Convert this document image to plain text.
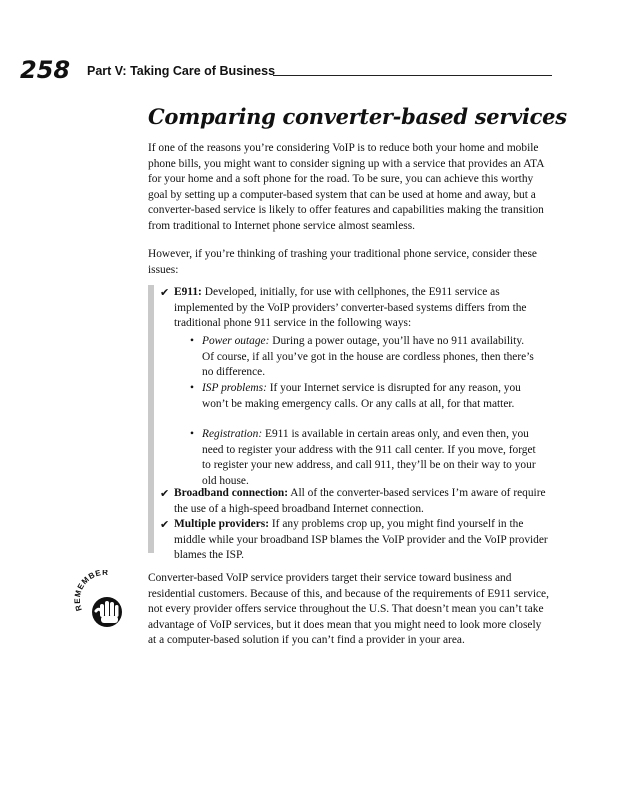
258 Part V: Taking Care of Business
Comparing converter-based services

If one of the reasons you’re considering VoIP is to reduce both your home and mobile phone bills, you might want to consider signing up with a service that provides an ATA for your home and a soft phone for the road. To be sure, you can achieve this worthy goal by setting up a computer-based system that can be used at home and away, but a converter-based service is likely to offer features and capabilities making the transition from traditional to Internet phone service almost seamless.

However, if you’re thinking of trashing your traditional phone service, consider these issues:

✔ E911: Developed, initially, for use with cellphones, the E911 service as implemented by the VoIP providers’ converter-based systems differs from the traditional phone 911 service in the following ways:
• Power outage: During a power outage, you’ll have no 911 availability. Of course, if all you’ve got in the house are cordless phones, then there’s no difference.
• ISP problems: If your Internet service is disrupted for any reason, you won’t be making emergency calls. Or any calls at all, for that matter.
• Registration: E911 is available in certain areas only, and even then, you need to register your address with the 911 call center. If you move, forget to register your new address, and call 911, they’ll be on their way to your old house.
✔ Broadband connection: All of the converter-based services I’m aware of require the use of a high-speed broadband Internet connection.
✔ Multiple providers: If any problems crop up, you might find yourself in the middle while your broadband ISP blames the VoIP provider and the VoIP provider blames the ISP.
R MEMBER	Converter-based VoIP service providers target their service toward business and residential customers. Because of this, and because of the requirements of E911 service, not every provider offers service throughout the U.S. That doesn’t mean you can’t take advantage of VoIP services, but it does mean that you might need to look more closely at a computer-based solution if you can’t find a provider in your area.
